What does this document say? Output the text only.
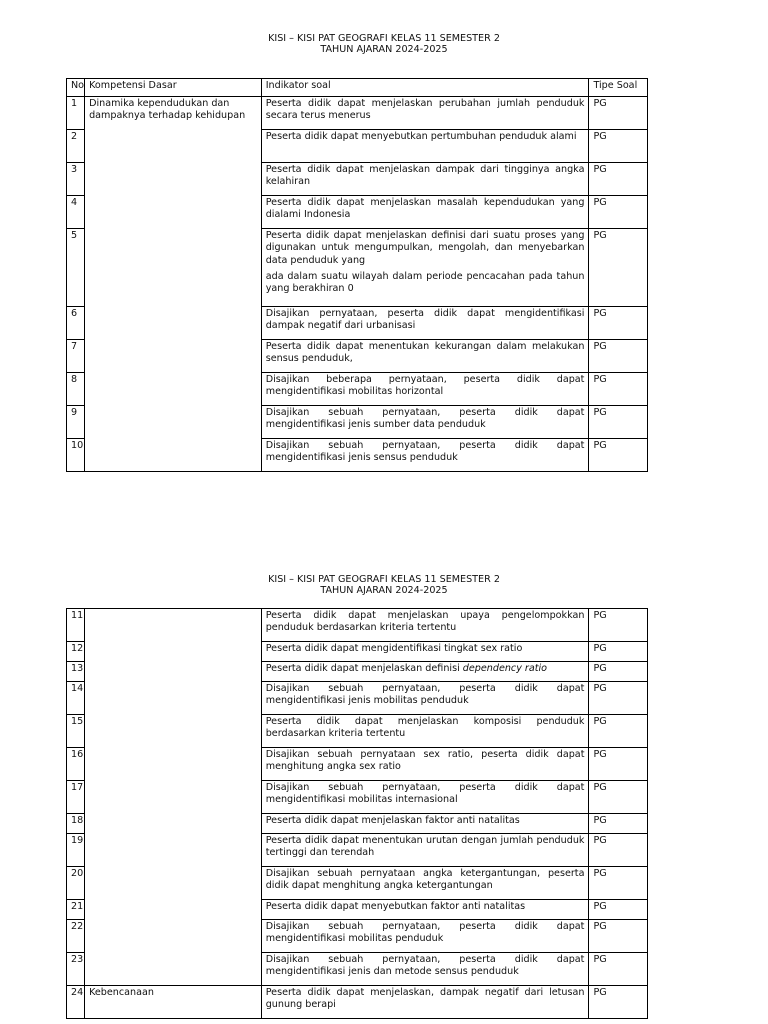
KISI – KISI PAT GEOGRAFI KELAS 11 SEMESTER 2
TAHUN AJARAN 2024-2025
No	Kompetensi Dasar	Indikator soal	Tipe Soal
1	Dinamika kependudukan dan dampaknya terhadap kehidupan	Peserta didik dapat menjelaskan perubahan jumlah penduduk secara terus menerus	PG
2		Peserta didik dapat menyebutkan pertumbuhan penduduk alami	PG
3		Peserta didik dapat menjelaskan dampak dari tingginya angka kelahiran	PG
4		Peserta didik dapat menjelaskan masalah kependudukan yang dialami Indonesia	PG
5		Peserta didik dapat menjelaskan definisi dari suatu proses yang digunakan untuk mengumpulkan, mengolah, dan menyebarkan data penduduk yang
ada dalam suatu wilayah dalam periode pencacahan pada tahun yang berakhiran 0	PG
6		Disajikan pernyataan, peserta didik dapat mengidentifikasi dampak negatif dari urbanisasi	PG
7		Peserta didik dapat menentukan kekurangan dalam melakukan sensus penduduk,	PG
8		Disajikan beberapa pernyataan, peserta didik dapat mengidentifikasi mobilitas horizontal	PG
9		Disajikan sebuah pernyataan, peserta didik dapat mengidentifikasi jenis sumber data penduduk	PG
10		Disajikan sebuah pernyataan, peserta didik dapat mengidentifikasi jenis sensus penduduk	PG
KISI – KISI PAT GEOGRAFI KELAS 11 SEMESTER 2
TAHUN AJARAN 2024-2025
11		Peserta didik dapat menjelaskan upaya pengelompokkan penduduk berdasarkan kriteria tertentu	PG
12		Peserta didik dapat mengidentifikasi tingkat sex ratio	PG
13		Peserta didik dapat menjelaskan definisi dependency ratio	PG
14		Disajikan sebuah pernyataan, peserta didik dapat mengidentifikasi jenis mobilitas penduduk	PG
15		Peserta didik dapat menjelaskan komposisi penduduk berdasarkan kriteria tertentu	PG
16		Disajikan sebuah pernyataan sex ratio, peserta didik dapat menghitung angka sex ratio	PG
17		Disajikan sebuah pernyataan, peserta didik dapat mengidentifikasi mobilitas internasional	PG
18		Peserta didik dapat menjelaskan faktor anti natalitas	PG
19		Peserta didik dapat menentukan urutan dengan jumlah penduduk tertinggi dan terendah	PG
20		Disajikan sebuah pernyataan angka ketergantungan, peserta didik dapat menghitung angka ketergantungan	PG
21		Peserta didik dapat menyebutkan faktor anti natalitas	PG
22		Disajikan sebuah pernyataan, peserta didik dapat mengidentifikasi mobilitas penduduk	PG
23		Disajikan sebuah pernyataan, peserta didik dapat mengidentifikasi jenis dan metode sensus penduduk	PG
24	Kebencanaan	Peserta didik dapat menjelaskan, dampak negatif dari letusan gunung berapi	PG
